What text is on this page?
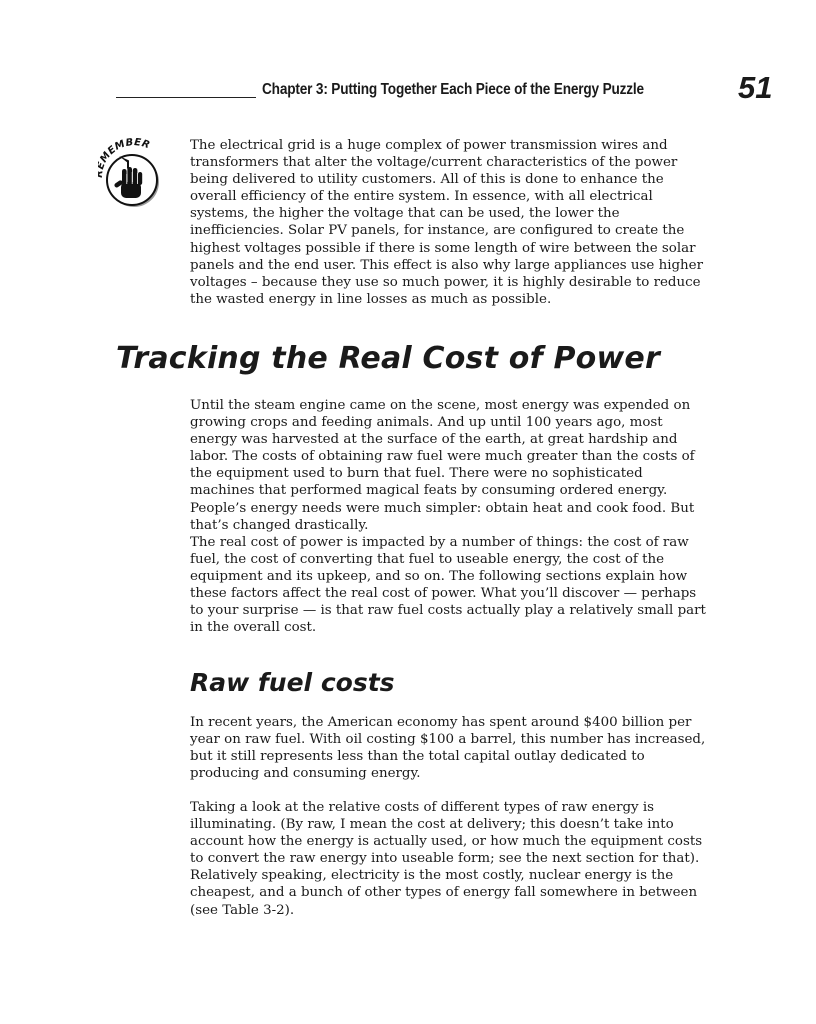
Chapter 3: Putting Together Each Piece of the Energy Puzzle	51
MEMBER	The electrical grid is a huge complex of power transmission wires and transformers that alter the voltage/current characteristics of the power being delivered to utility customers. All of this is done to enhance the overall efficiency of the entire system. In essence, with all electrical systems, the higher the voltage that can be used, the lower the inefficiencies. Solar PV panels, for instance, are configured to create the highest voltages possible if there is some length of wire between the solar panels and the end user. This effect is also why large appliances use higher voltages – because they use so much power, it is highly desirable to reduce the wasted energy in line losses as much as possible.

Tracking the Real Cost of Power

Until the steam engine came on the scene, most energy was expended on growing crops and feeding animals. And up until 100 years ago, most energy was harvested at the surface of the earth, at great hardship and labor. The costs of obtaining raw fuel were much greater than the costs of the equipment used to burn that fuel. There were no sophisticated machines that performed magical feats by consuming ordered energy. People’s energy needs were much simpler: obtain heat and cook food. But that’s changed drastically.

The real cost of power is impacted by a number of things: the cost of raw fuel, the cost of converting that fuel to useable energy, the cost of the equipment and its upkeep, and so on. The following sections explain how these factors affect the real cost of power. What you’ll discover — perhaps to your surprise — is that raw fuel costs actually play a relatively small part in the overall cost.

Raw fuel costs

In recent years, the American economy has spent around $400 billion per year on raw fuel. With oil costing $100 a barrel, this number has increased, but it still represents less than the total capital outlay dedicated to producing and consuming energy.

Taking a look at the relative costs of different types of raw energy is illuminating. (By raw, I mean the cost at delivery; this doesn’t take into account how the energy is actually used, or how much the equipment costs to convert the raw energy into useable form; see the next section for that). Relatively speaking, electricity is the most costly, nuclear energy is the cheapest, and a bunch of other types of energy fall somewhere in between (see Table 3-2).
